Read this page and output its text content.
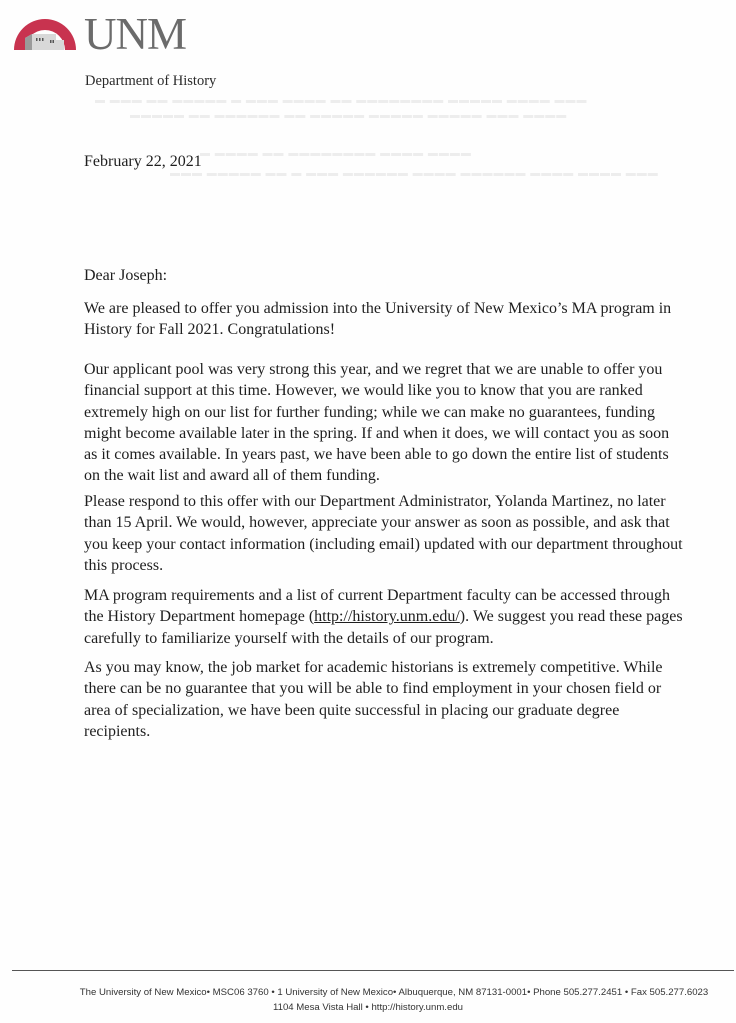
UNM
Department of History
▬ ▬▬▬ ▬▬ ▬▬▬▬▬ ▬ ▬▬▬ ▬▬▬▬ ▬▬ ▬▬▬▬▬▬▬▬ ▬▬▬▬▬ ▬▬▬▬ ▬▬▬
▬▬▬▬▬ ▬▬ ▬▬▬▬▬▬ ▬▬ ▬▬▬▬▬ ▬▬▬▬▬ ▬▬▬▬▬ ▬▬▬ ▬▬▬▬
▬ ▬▬▬▬ ▬▬ ▬▬▬▬▬▬▬▬ ▬▬▬▬ ▬▬▬▬
▬▬▬ ▬▬▬▬▬ ▬▬ ▬ ▬▬▬ ▬▬▬▬▬▬ ▬▬▬▬ ▬▬▬▬▬▬ ▬▬▬▬ ▬▬▬▬ ▬▬▬

February 22, 2021

Dear Joseph:

We are pleased to offer you admission into the University of New Mexico’s MA program in History for Fall 2021. Congratulations!

Our applicant pool was very strong this year, and we regret that we are unable to offer you financial support at this time. However, we would like you to know that you are ranked extremely high on our list for further funding; while we can make no guarantees, funding might become available later in the spring. If and when it does, we will contact you as soon as it comes available. In years past, we have been able to go down the entire list of students on the wait list and award all of them funding.

Please respond to this offer with our Department Administrator, Yolanda Martinez, no later than 15 April. We would, however, appreciate your answer as soon as possible, and ask that you keep your contact information (including email) updated with our department throughout this process.

MA program requirements and a list of current Department faculty can be accessed through the History Department homepage (http://history.unm.edu/). We suggest you read these pages carefully to familiarize yourself with the details of our program.

As you may know, the job market for academic historians is extremely competitive. While there can be no guarantee that you will be able to find employment in your chosen field or area of specialization, we have been quite successful in placing our graduate degree recipients.

The University of New Mexico• MSC06 3760 • 1 University of New Mexico• Albuquerque, NM 87131-0001• Phone 505.277.2451 • Fax 505.277.6023
1104 Mesa Vista Hall • http://history.unm.edu
